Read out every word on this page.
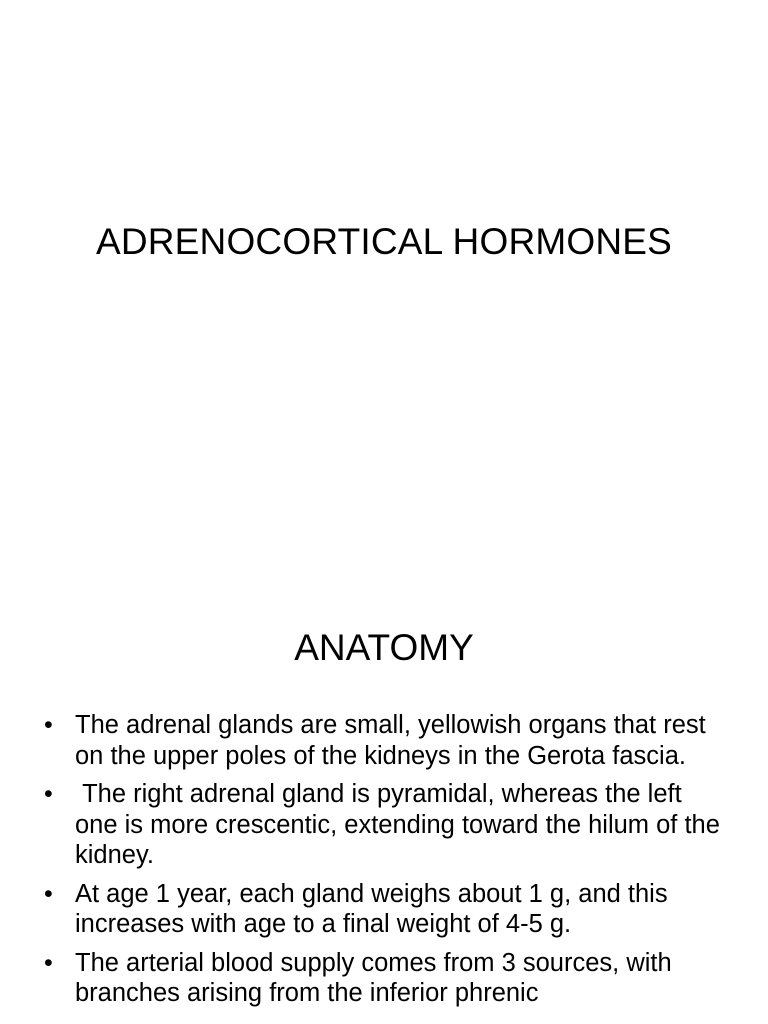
ADRENOCORTICAL HORMONES
ANATOMY
• The adrenal glands are small, yellowish organs that rest on the upper poles of the kidneys in the Gerota fascia.
• The right adrenal gland is pyramidal, whereas the left one is more crescentic, extending toward the hilum of the kidney.
• At age 1 year, each gland weighs about 1 g, and this increases with age to a final weight of 4-5 g.
• The arterial blood supply comes from 3 sources, with branches arising from the inferior phrenic
